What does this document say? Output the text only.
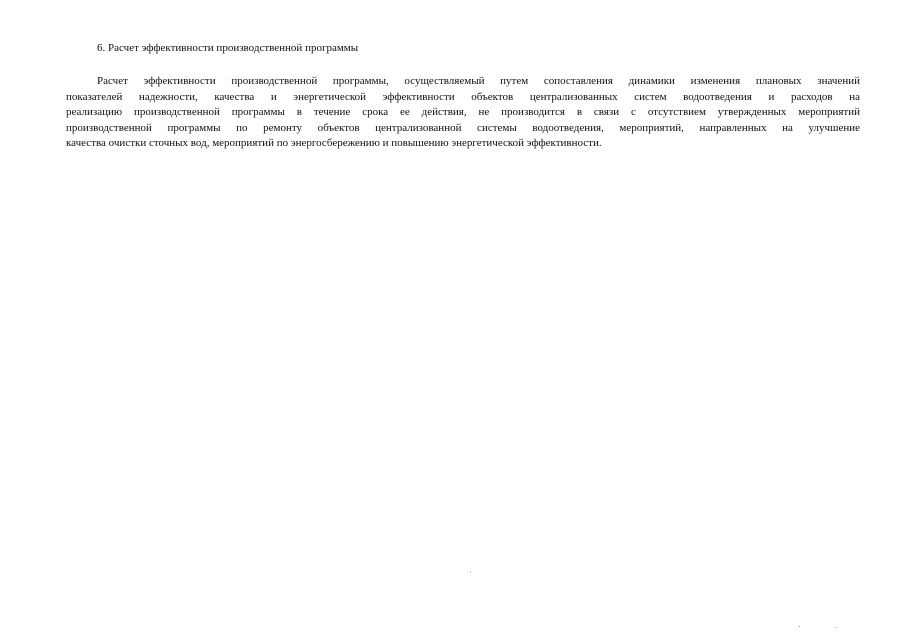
6. Расчет эффективности производственной программы

Расчет эффективности производственной программы, осуществляемый путем сопоставления динамики изменения плановых значений
показателей надежности, качества и энергетической эффективности объектов централизованных систем водоотведения и расходов на
реализацию производственной программы в течение срока ее действия, не производится в связи с отсутствием утвержденных мероприятий
производственной программы по ремонту объектов централизованной системы водоотведения, мероприятий, направленных на улучшение
качества очистки сточных вод, мероприятий по энергосбережению и повышению энергетической эффективности.
